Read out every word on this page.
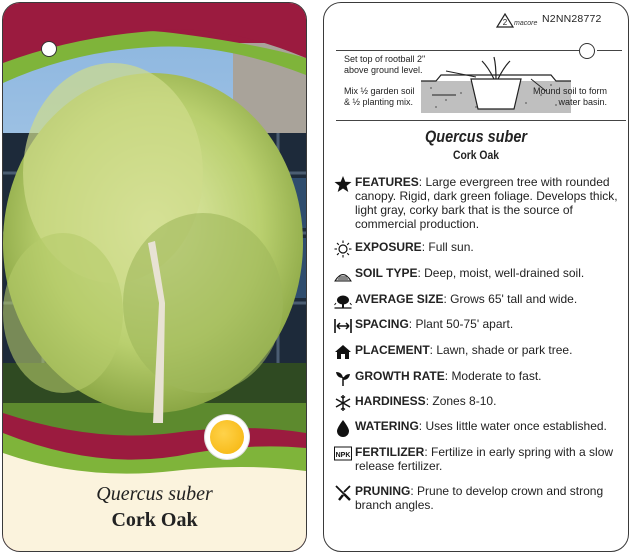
Quercus suber
Cork Oak
2 macore N2NN28772
Set top of rootball 2"
above ground level.
Mix ½ garden soil
& ½ planting mix.
Mound soil to form
water basin.
Quercus suber
Cork Oak
FEATURES: Large evergreen tree with rounded canopy. Rigid, dark green foliage. Develops thick, light gray, corky bark that is the source of commercial production.
EXPOSURE: Full sun.
SOIL TYPE: Deep, moist, well-drained soil.
AVERAGE SIZE: Grows 65' tall and wide.
SPACING: Plant 50-75' apart.
PLACEMENT: Lawn, shade or park tree.
GROWTH RATE: Moderate to fast.
HARDINESS: Zones 8-10.
WATERING: Uses little water once established.
NPK FERTILIZER: Fertilize in early spring with a slow release fertilizer.
PRUNING: Prune to develop crown and strong branch angles.
